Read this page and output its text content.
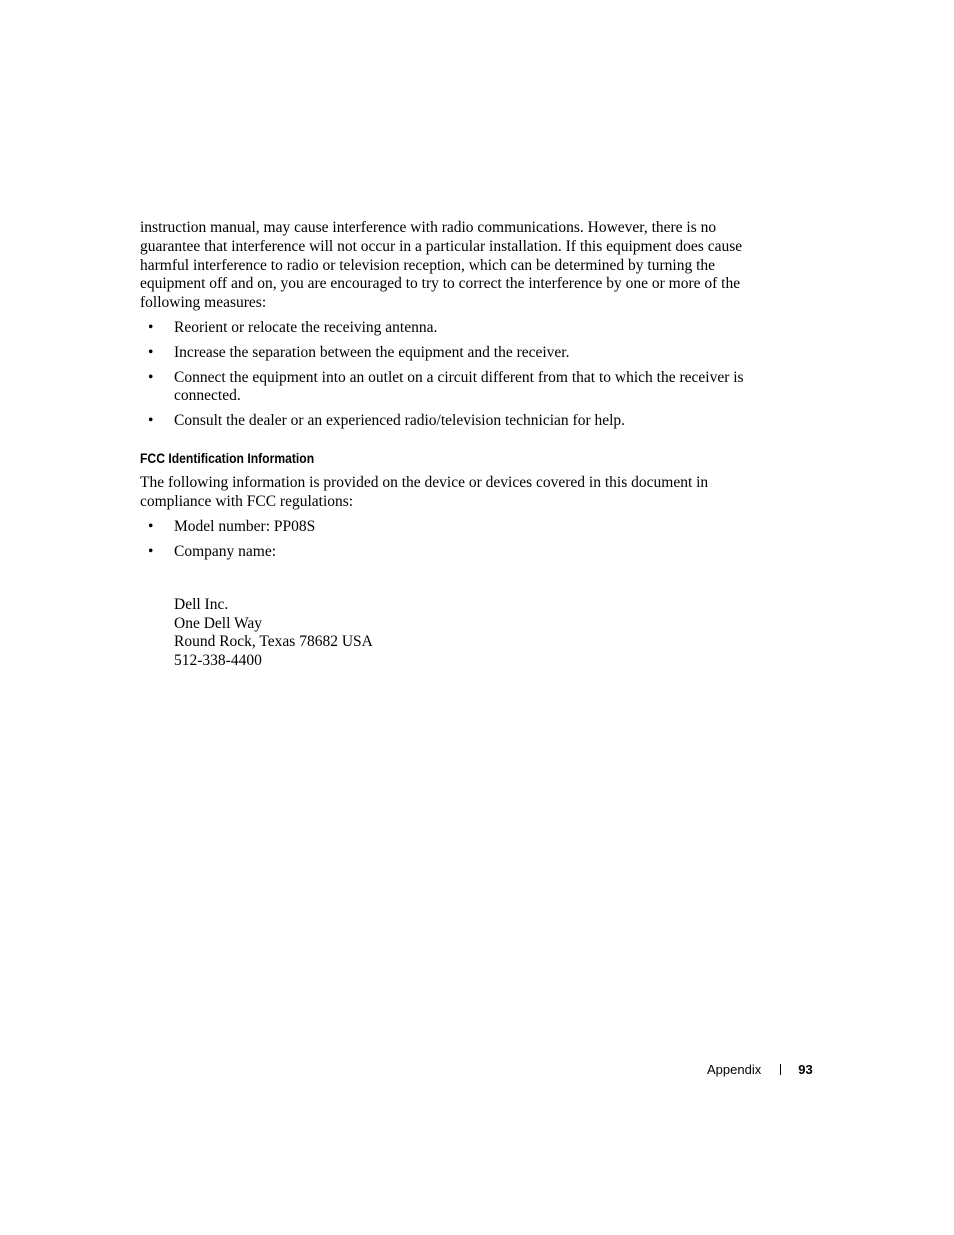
instruction manual, may cause interference with radio communications. However, there is no guarantee that interference will not occur in a particular installation. If this equipment does cause harmful interference to radio or television reception, which can be determined by turning the equipment off and on, you are encouraged to try to correct the interference by one or more of the following measures:
• Reorient or relocate the receiving antenna.
• Increase the separation between the equipment and the receiver.
• Connect the equipment into an outlet on a circuit different from that to which the receiver is connected.
• Consult the dealer or an experienced radio/television technician for help.
FCC Identification Information
The following information is provided on the device or devices covered in this document in compliance with FCC regulations:
• Model number: PP08S
• Company name:
Dell Inc.
One Dell Way
Round Rock, Texas 78682 USA
512-338-4400
Appendix	93
